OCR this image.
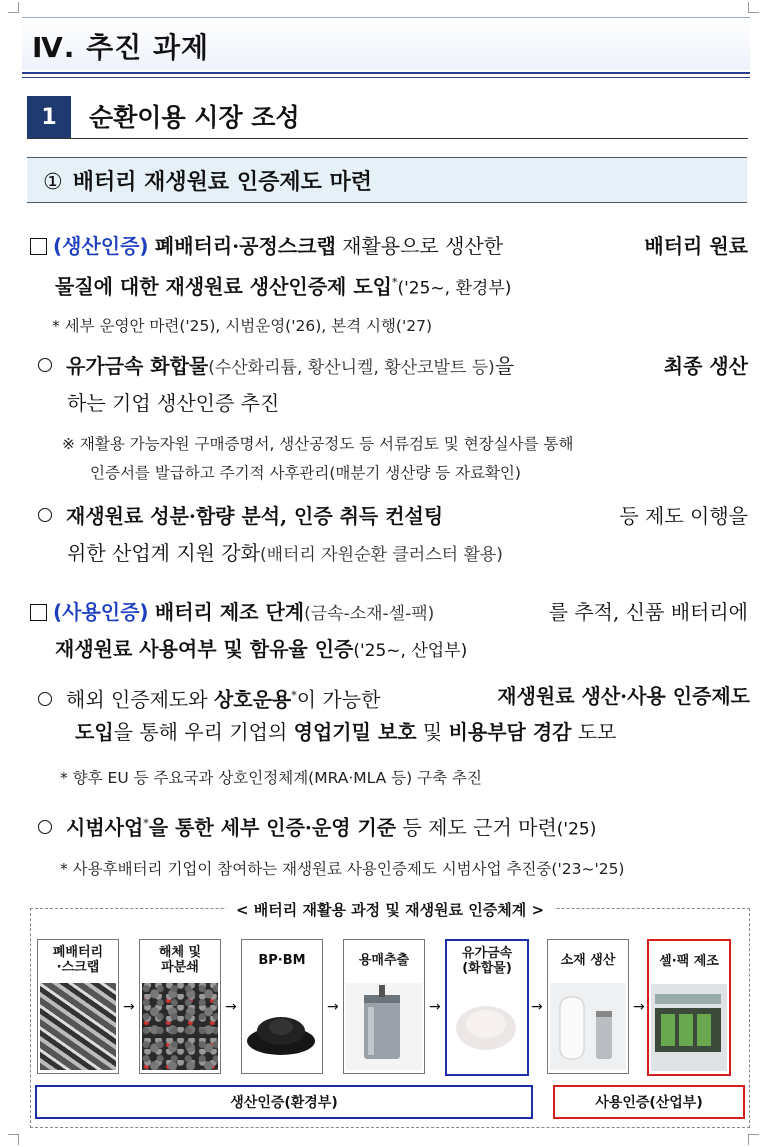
Ⅳ. 추진 과제
1	순환이용 시장 조성
① 배터리 재생원료 인증제도 마련
(생산인증) 폐배터리·공정스크랩 재활용으로 생산한	배터리 원료
물질에 대한 재생원료 생산인증제 도입*('25~, 환경부)
* 세부 운영안 마련('25), 시범운영('26), 본격 시행('27)
유가금속 화합물(수산화리튬, 황산니켈, 황산코발트 등)을	최종 생산
하는 기업 생산인증 추진
※ 재활용 가능자원 구매증명서, 생산공정도 등 서류검토 및 현장실사를 통해
인증서를 발급하고 주기적 사후관리(매분기 생산량 등 자료확인)
재생원료 성분·함량 분석, 인증 취득 컨설팅	등 제도 이행을
위한 산업계 지원 강화(배터리 자원순환 클러스터 활용)
(사용인증) 배터리 제조 단계(금속-소재-셀-팩)	를 추적, 신품 배터리에
재생원료 사용여부 및 함유율 인증('25~, 산업부)
해외 인증제도와 상호운용*이 가능한	재생원료 생산·사용 인증제도
도입을 통해 우리 기업의 영업기밀 보호 및 비용부담 경감 도모
* 향후 EU 등 주요국과 상호인정체계(MRA·MLA 등) 구축 추진
시범사업*을 통한 세부 인증·운영 기준 등 제도 근거 마련('25)
* 사용후배터리 기업이 참여하는 재생원료 사용인증제도 시범사업 추진중('23~'25)
< 배터리 재활용 과정 및 재생원료 인증체계 >
폐배터리
·스크랩
→
해체 및
파분쇄
→
BP·BM
→
용매추출
→
유가금속
(화합물)
→
소재 생산
→
셀·팩 제조
생산인증(환경부)	사용인증(산업부)
